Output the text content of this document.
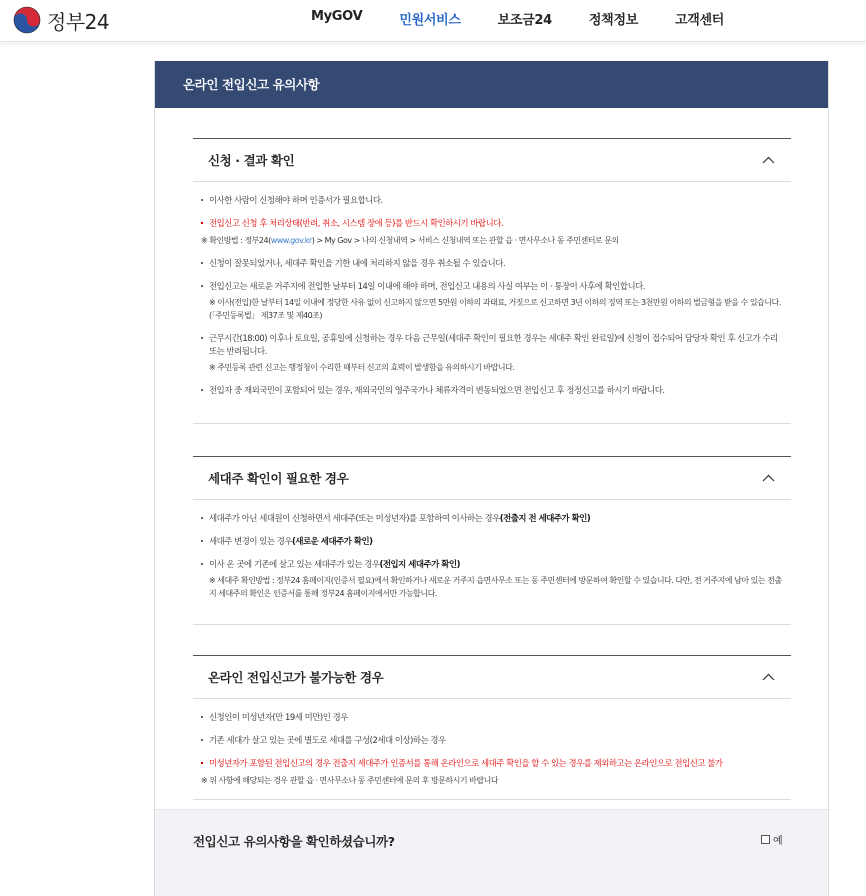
정부24	MyGOV	민원서비스	보조금24	정책정보	고객센터
온라인 전입신고 유의사항
신청 · 결과 확인
이사한 사람이 신청해야 하며 인증서가 필요합니다.
전입신고 신청 후 처리상태(반려, 취소, 시스템 장애 등)를 반드시 확인하시기 바랍니다.
※ 확인방법 : 정부24(www.gov.kr) > My Gov > 나의 신청내역 > 서비스 신청내역 또는 관할 읍 · 면사무소나 동 주민센터로 문의
신청이 잘못되었거나, 세대주 확인을 기한 내에 처리하지 않을 경우 취소될 수 있습니다.
전입신고는 새로운 거주지에 전입한 날부터 14일 이내에 해야 하며, 전입신고 내용의 사실 여부는 이 · 통장이 사후에 확인합니다.
※ 이사(전입)한 날부터 14일 이내에 정당한 사유 없이 신고하지 않으면 5만원 이하의 과태료, 거짓으로 신고하면 3년 이하의 징역 또는 3천만원 이하의 벌금형을 받을 수 있습니다. (「주민등록법」 제37조 및 제40조)
근무시간(18:00) 이후나 토요일, 공휴일에 신청하는 경우 다음 근무일(세대주 확인이 필요한 경우는 세대주 확인 완료일)에 신청이 접수되어 담당자 확인 후 신고가 수리 또는 반려됩니다.
※ 주민등록 관련 신고는 행정청이 수리한 때부터 신고의 효력이 발생함을 유의하시기 바랍니다.
전입자 중 재외국민이 포함되어 있는 경우, 재외국민의 영주국가나 체류자격이 변동되었으면 전입신고 후 정정신고를 하시기 바랍니다.
세대주 확인이 필요한 경우
세대주가 아닌 세대원이 신청하면서 세대주(또는 미성년자)를 포함하여 이사하는 경우(전출지 전 세대주가 확인)
세대주 변경이 있는 경우(새로운 세대주가 확인)
이사 온 곳에 기존에 살고 있는 세대주가 있는 경우(전입지 세대주가 확인)
※ 세대주 확인방법 : 정부24 홈페이지(인증서 필요)에서 확인하거나 새로운 거주지 읍면사무소 또는 동 주민센터에 방문하여 확인할 수 있습니다. 다만, 전 거주지에 남아 있는 전출지 세대주의 확인은 인증서를 통해 정부24 홈페이지에서만 가능합니다.
온라인 전입신고가 불가능한 경우
신청인이 미성년자(만 19세 미만)인 경우
기존 세대가 살고 있는 곳에 별도로 세대를 구성(2세대 이상)하는 경우
미성년자가 포함된 전입신고의 경우 전출지 세대주가 인증서를 통해 온라인으로 세대주 확인을 할 수 있는 경우를 제외하고는 온라인으로 전입신고 불가
※ 위 사항에 해당되는 경우 관할 읍 · 면사무소나 동 주민센터에 문의 후 방문하시기 바랍니다
전입신고 유의사항을 확인하셨습니까?	예
